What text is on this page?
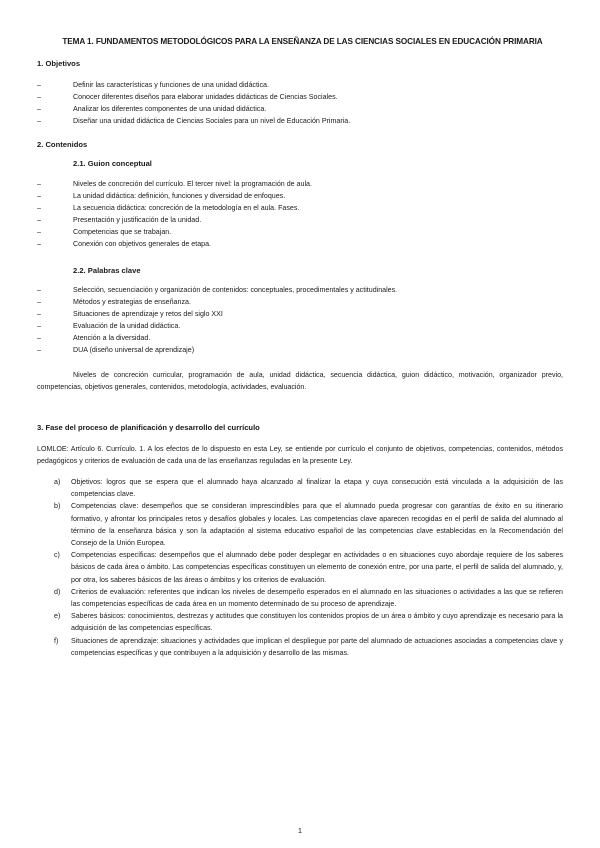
TEMA 1. FUNDAMENTOS METODOLÓGICOS PARA LA ENSEÑANZA DE LAS CIENCIAS SOCIALES EN EDUCACIÓN PRIMARIA
1. Objetivos
– Definir las características y funciones de una unidad didáctica.
– Conocer diferentes diseños para elaborar unidades didácticas de Ciencias Sociales.
– Analizar los diferentes componentes de una unidad didáctica.
– Diseñar una unidad didáctica de Ciencias Sociales para un nivel de Educación Primaria.
2. Contenidos
2.1. Guion conceptual
– Niveles de concreción del currículo. El tercer nivel: la programación de aula.
– La unidad didáctica: definición, funciones y diversidad de enfoques.
– La secuencia didáctica: concreción de la metodología en el aula. Fases.
– Presentación y justificación de la unidad.
– Competencias que se trabajan.
– Conexión con objetivos generales de etapa.
2.2. Palabras clave
– Selección, secuenciación y organización de contenidos: conceptuales, procedimentales y actitudinales.
– Métodos y estrategias de enseñanza.
– Situaciones de aprendizaje y retos del siglo XXI
– Evaluación de la unidad didáctica.
– Atención a la diversidad.
– DUA (diseño universal de aprendizaje)

Niveles de concreción curricular, programación de aula, unidad didáctica, secuencia didáctica, guion didáctico, motivación, organizador previo, competencias, objetivos generales, contenidos, metodología, actividades, evaluación.

3. Fase del proceso de planificación y desarrollo del currículo

LOMLOE: Artículo 6. Currículo. 1. A los efectos de lo dispuesto en esta Ley, se entiende por currículo el conjunto de objetivos, competencias, contenidos, métodos pedagógicos y criterios de evaluación de cada una de las enseñanzas reguladas en la presente Ley.

a) Objetivos: logros que se espera que el alumnado haya alcanzado al finalizar la etapa y cuya consecución está vinculada a la adquisición de las competencias clave.
b) Competencias clave: desempeños que se consideran imprescindibles para que el alumnado pueda progresar con garantías de éxito en su itinerario formativo, y afrontar los principales retos y desafíos globales y locales. Las competencias clave aparecen recogidas en el perfil de salida del alumnado al término de la enseñanza básica y son la adaptación al sistema educativo español de las competencias clave establecidas en la Recomendación del Consejo de la Unión Europea.
c) Competencias específicas: desempeños que el alumnado debe poder desplegar en actividades o en situaciones cuyo abordaje requiere de los saberes básicos de cada área o ámbito. Las competencias específicas constituyen un elemento de conexión entre, por una parte, el perfil de salida del alumnado, y, por otra, los saberes básicos de las áreas o ámbitos y los criterios de evaluación.
d) Criterios de evaluación: referentes que indican los niveles de desempeño esperados en el alumnado en las situaciones o actividades a las que se refieren las competencias específicas de cada área en un momento determinado de su proceso de aprendizaje.
e) Saberes básicos: conocimientos, destrezas y actitudes que constituyen los contenidos propios de un área o ámbito y cuyo aprendizaje es necesario para la adquisición de las competencias específicas.
f) Situaciones de aprendizaje: situaciones y actividades que implican el despliegue por parte del alumnado de actuaciones asociadas a competencias clave y competencias específicas y que contribuyen a la adquisición y desarrollo de las mismas.
1
